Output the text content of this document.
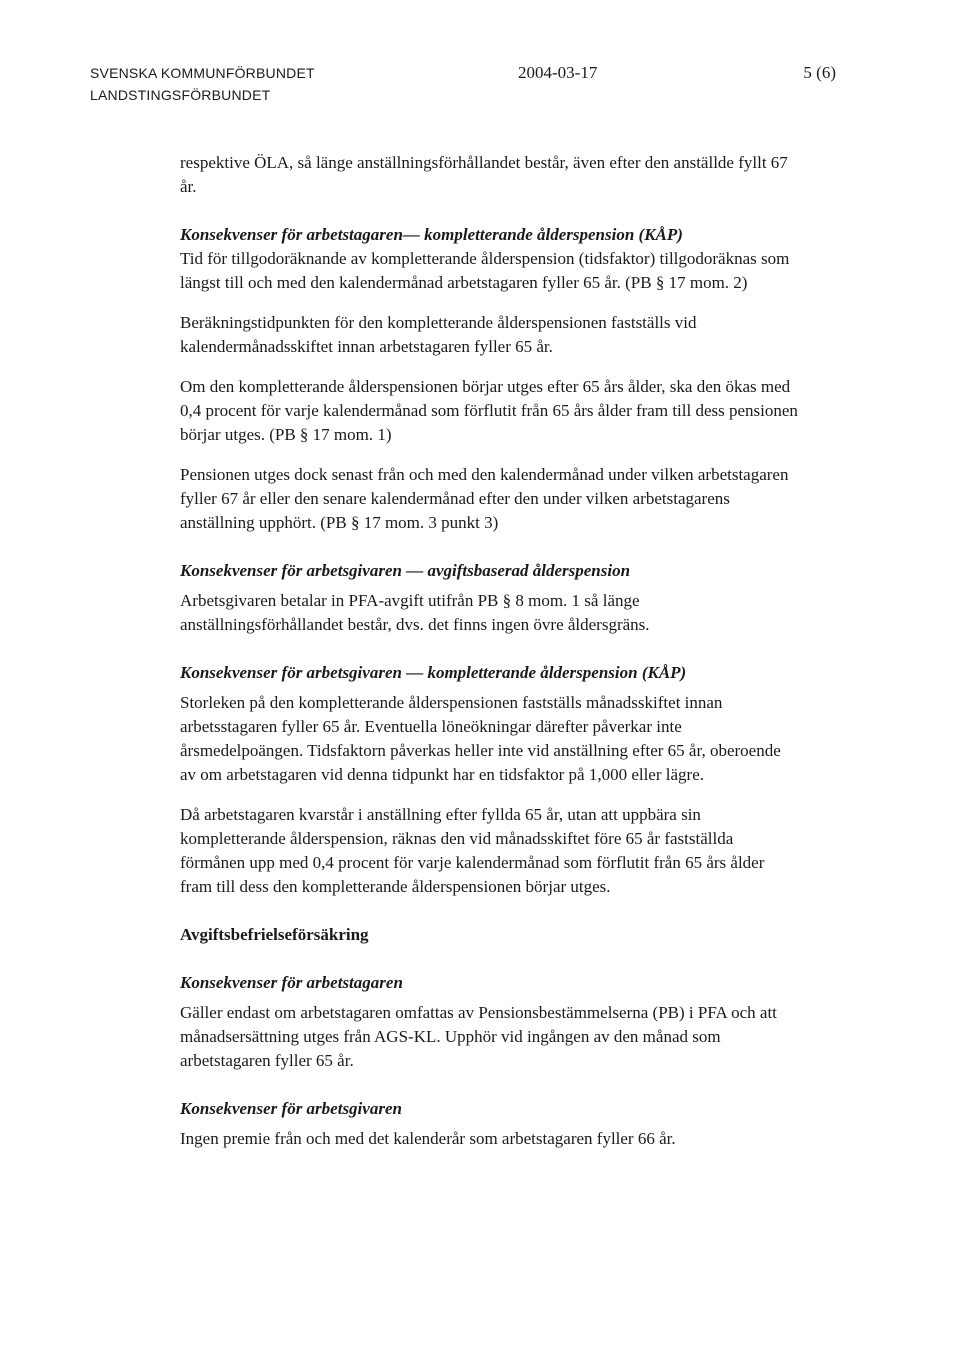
SVENSKA KOMMUNFÖRBUNDET
LANDSTINGSFÖRBUNDET
2004-03-17	5 (6)

respektive ÖLA, så länge anställningsförhållandet består, även efter den anställde fyllt 67 år.

Konsekvenser för arbetstagaren— kompletterande ålderspension (KÅP)

Tid för tillgodoräknande av kompletterande ålderspension (tidsfaktor) tillgodoräknas som längst till och med den kalendermånad arbetstagaren fyller 65 år. (PB § 17 mom. 2)

Beräkningstidpunkten för den kompletterande ålderspensionen fastställs vid kalendermånadsskiftet innan arbetstagaren fyller 65 år.

Om den kompletterande ålderspensionen börjar utges efter 65 års ålder, ska den ökas med 0,4 procent för varje kalendermånad som förflutit från 65 års ålder fram till dess pensionen börjar utges. (PB § 17 mom. 1)

Pensionen utges dock senast från och med den kalendermånad under vilken arbetstagaren fyller 67 år eller den senare kalendermånad efter den under vilken arbetstagarens anställning upphört. (PB § 17 mom. 3 punkt 3)

Konsekvenser för arbetsgivaren — avgiftsbaserad ålderspension

Arbetsgivaren betalar in PFA-avgift utifrån PB § 8 mom. 1 så länge anställningsförhållandet består, dvs. det finns ingen övre åldersgräns.

Konsekvenser för arbetsgivaren — kompletterande ålderspension (KÅP)

Storleken på den kompletterande ålderspensionen fastställs månadsskiftet innan arbetsstagaren fyller 65 år. Eventuella löneökningar därefter påverkar inte årsmedelpoängen. Tidsfaktorn påverkas heller inte vid anställning efter 65 år, oberoende av om arbetstagaren vid denna tidpunkt har en tidsfaktor på 1,000 eller lägre.

Då arbetstagaren kvarstår i anställning efter fyllda 65 år, utan att uppbära sin kompletterande ålderspension, räknas den vid månadsskiftet före 65 år fastställda förmånen upp med 0,4 procent för varje kalendermånad som förflutit från 65 års ålder fram till dess den kompletterande ålderspensionen börjar utges.

Avgiftsbefrielseförsäkring

Konsekvenser för arbetstagaren

Gäller endast om arbetstagaren omfattas av Pensionsbestämmelserna (PB) i PFA och att månadsersättning utges från AGS-KL. Upphör vid ingången av den månad som arbetstagaren fyller 65 år.

Konsekvenser för arbetsgivaren

Ingen premie från och med det kalenderår som arbetstagaren fyller 66 år.
